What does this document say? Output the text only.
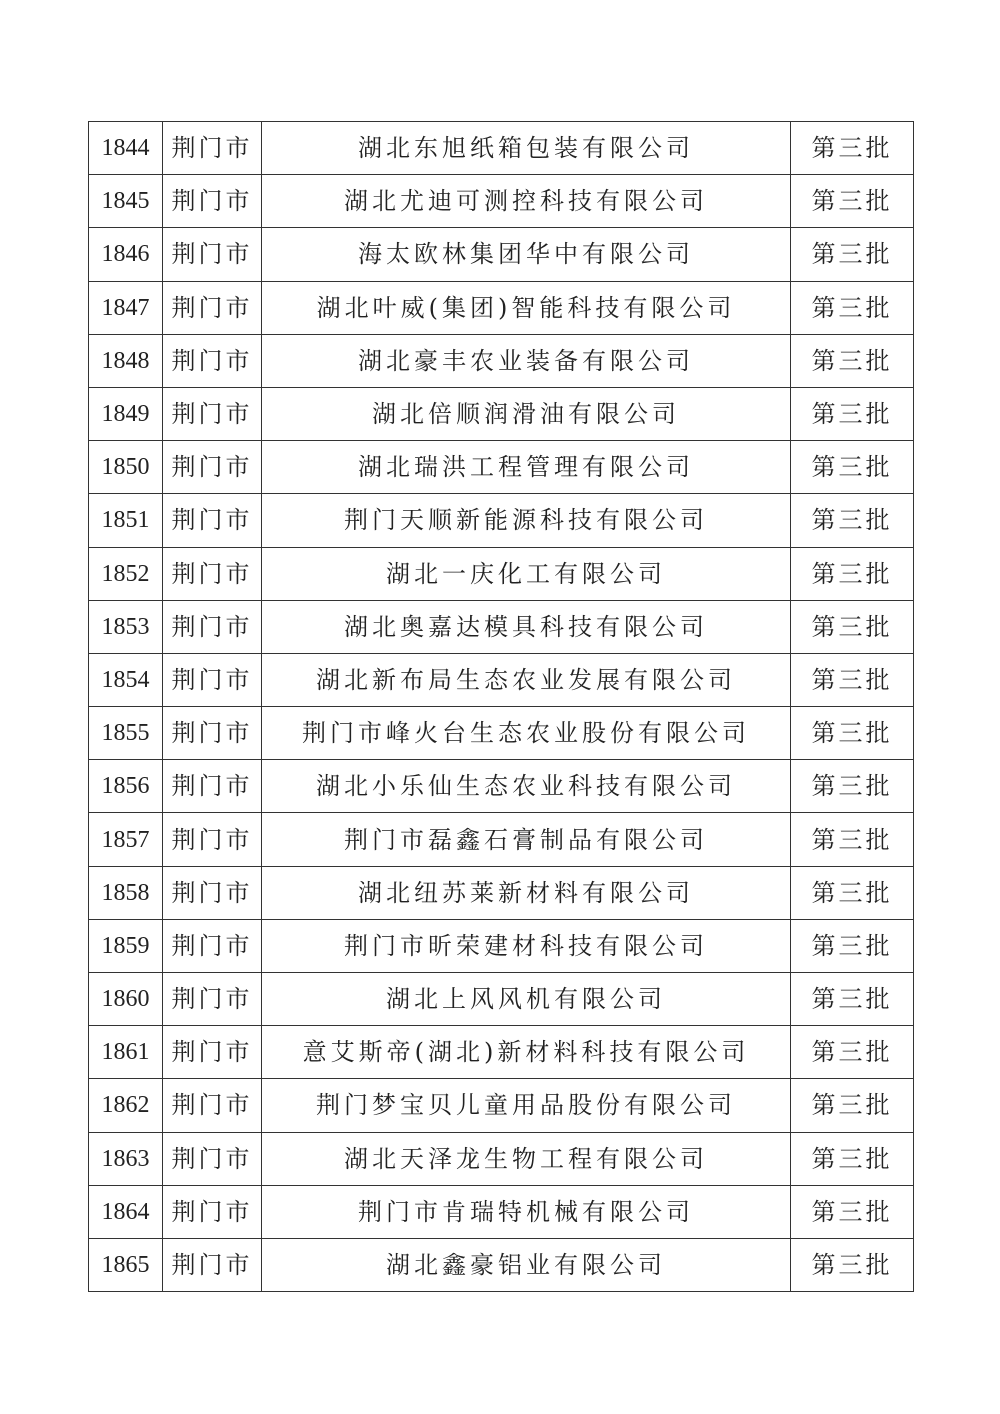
1844	荆门市	湖北东旭纸箱包装有限公司	第三批
1845	荆门市	湖北尤迪可测控科技有限公司	第三批
1846	荆门市	海太欧林集团华中有限公司	第三批
1847	荆门市	湖北叶威(集团)智能科技有限公司	第三批
1848	荆门市	湖北豪丰农业装备有限公司	第三批
1849	荆门市	湖北倍顺润滑油有限公司	第三批
1850	荆门市	湖北瑞洪工程管理有限公司	第三批
1851	荆门市	荆门天顺新能源科技有限公司	第三批
1852	荆门市	湖北一庆化工有限公司	第三批
1853	荆门市	湖北奥嘉达模具科技有限公司	第三批
1854	荆门市	湖北新布局生态农业发展有限公司	第三批
1855	荆门市	荆门市峰火台生态农业股份有限公司	第三批
1856	荆门市	湖北小乐仙生态农业科技有限公司	第三批
1857	荆门市	荆门市磊鑫石膏制品有限公司	第三批
1858	荆门市	湖北纽苏莱新材料有限公司	第三批
1859	荆门市	荆门市昕荣建材科技有限公司	第三批
1860	荆门市	湖北上风风机有限公司	第三批
1861	荆门市	意艾斯帝(湖北)新材料科技有限公司	第三批
1862	荆门市	荆门梦宝贝儿童用品股份有限公司	第三批
1863	荆门市	湖北天泽龙生物工程有限公司	第三批
1864	荆门市	荆门市肯瑞特机械有限公司	第三批
1865	荆门市	湖北鑫豪铝业有限公司	第三批
